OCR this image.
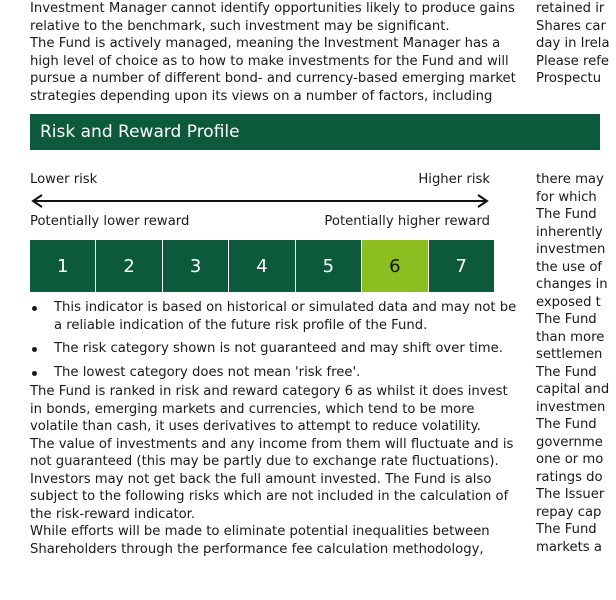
Investment Manager cannot identify opportunities likely to produce gains
relative to the benchmark, such investment may be significant.
The Fund is actively managed, meaning the Investment Manager has a
high level of choice as to how to make investments for the Fund and will
pursue a number of different bond- and currency-based emerging market
strategies depending upon its views on a number of factors, including
retained ir
Shares car
day in Irela
Please refe
Prospectu
Risk and Reward Profile
Lower risk	Higher risk
Potentially lower reward	Potentially higher reward
1	2	3	4	5	6	7
This indicator is based on historical or simulated data and may not be
a reliable indication of the future risk profile of the Fund.
The risk category shown is not guaranteed and may shift over time.
The lowest category does not mean 'risk free'.
The Fund is ranked in risk and reward category 6 as whilst it does invest
in bonds, emerging markets and currencies, which tend to be more
volatile than cash, it uses derivatives to attempt to reduce volatility.
The value of investments and any income from them will fluctuate and is
not guaranteed (this may be partly due to exchange rate fluctuations).
Investors may not get back the full amount invested. The Fund is also
subject to the following risks which are not included in the calculation of
the risk-reward indicator.
While efforts will be made to eliminate potential inequalities between
Shareholders through the performance fee calculation methodology,
there may
for which
The Fund
inherently
investmen
the use of
changes in
exposed t
The Fund
than more
settlemen
The Fund
capital and
investmen
The Fund
governme
one or mo
ratings do
The Issuer
repay cap
The Fund
markets a
